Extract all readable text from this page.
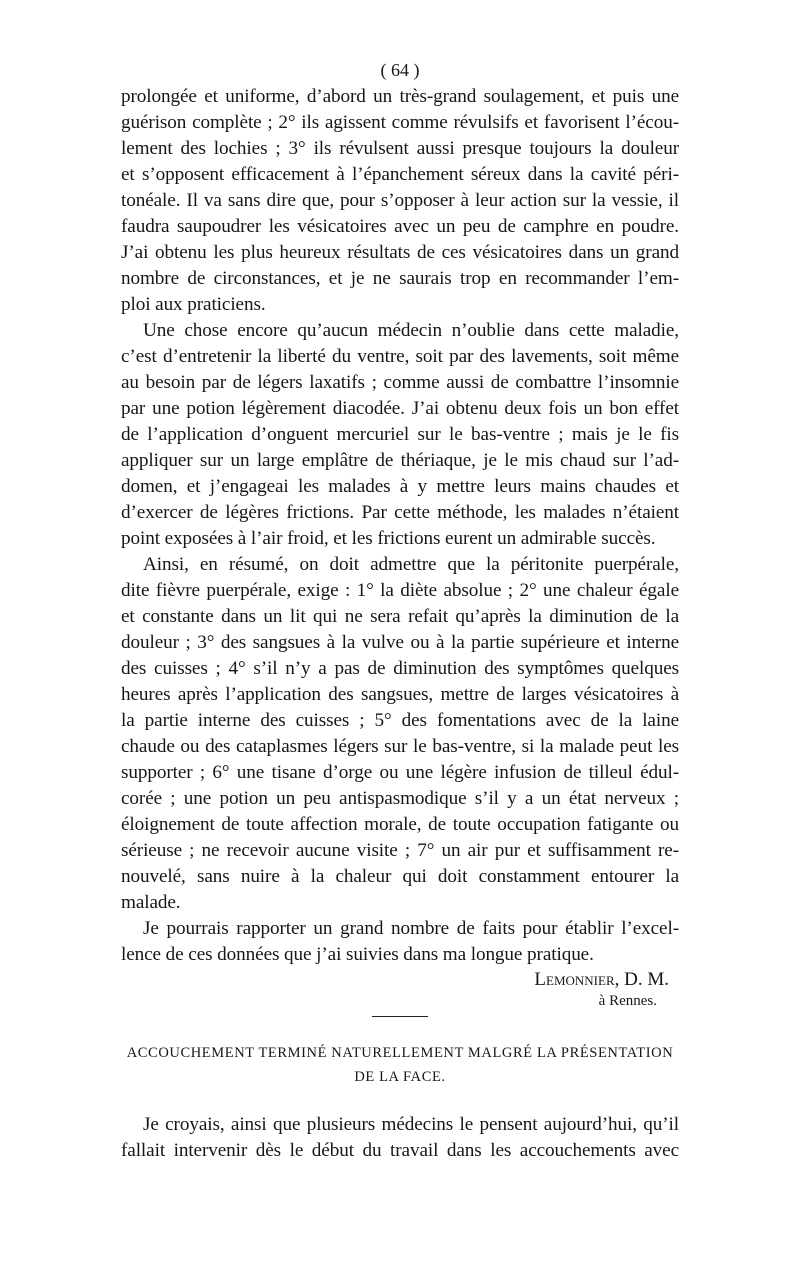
( 64 )
prolongée et uniforme, d’abord un très-grand soulagement, et puis une
guérison complète ; 2° ils agissent comme révulsifs et favorisent l’écou-
lement des lochies ; 3° ils révulsent aussi presque toujours la douleur
et s’opposent efficacement à l’épanchement séreux dans la cavité péri-
tonéale. Il va sans dire que, pour s’opposer à leur action sur la vessie, il
faudra saupoudrer les vésicatoires avec un peu de camphre en poudre.
J’ai obtenu les plus heureux résultats de ces vésicatoires dans un grand
nombre de circonstances, et je ne saurais trop en recommander l’em-
ploi aux praticiens.
Une chose encore qu’aucun médecin n’oublie dans cette maladie,
c’est d’entretenir la liberté du ventre, soit par des lavements, soit même
au besoin par de légers laxatifs ; comme aussi de combattre l’insomnie
par une potion légèrement diacodée. J’ai obtenu deux fois un bon effet
de l’application d’onguent mercuriel sur le bas-ventre ; mais je le fis
appliquer sur un large emplâtre de thériaque, je le mis chaud sur l’ad-
domen, et j’engageai les malades à y mettre leurs mains chaudes et
d’exercer de légères frictions. Par cette méthode, les malades n’étaient
point exposées à l’air froid, et les frictions eurent un admirable succès.
Ainsi, en résumé, on doit admettre que la péritonite puerpérale,
dite fièvre puerpérale, exige : 1° la diète absolue ; 2° une chaleur égale
et constante dans un lit qui ne sera refait qu’après la diminution de la
douleur ; 3° des sangsues à la vulve ou à la partie supérieure et interne
des cuisses ; 4° s’il n’y a pas de diminution des symptômes quelques
heures après l’application des sangsues, mettre de larges vésicatoires à
la partie interne des cuisses ; 5° des fomentations avec de la laine
chaude ou des cataplasmes légers sur le bas-ventre, si la malade peut les
supporter ; 6° une tisane d’orge ou une légère infusion de tilleul édul-
corée ; une potion un peu antispasmodique s’il y a un état nerveux ;
éloignement de toute affection morale, de toute occupation fatigante ou
sérieuse ; ne recevoir aucune visite ; 7° un air pur et suffisamment re-
nouvelé, sans nuire à la chaleur qui doit constamment entourer la
malade.
Je pourrais rapporter un grand nombre de faits pour établir l’excel-
lence de ces données que j’ai suivies dans ma longue pratique.
Lemonnier, D. M.
à Rennes.
ACCOUCHEMENT TERMINÉ NATURELLEMENT MALGRÉ LA PRÉSENTATION
DE LA FACE.
Je croyais, ainsi que plusieurs médecins le pensent aujourd’hui, qu’il
fallait intervenir dès le début du travail dans les accouchements avec
